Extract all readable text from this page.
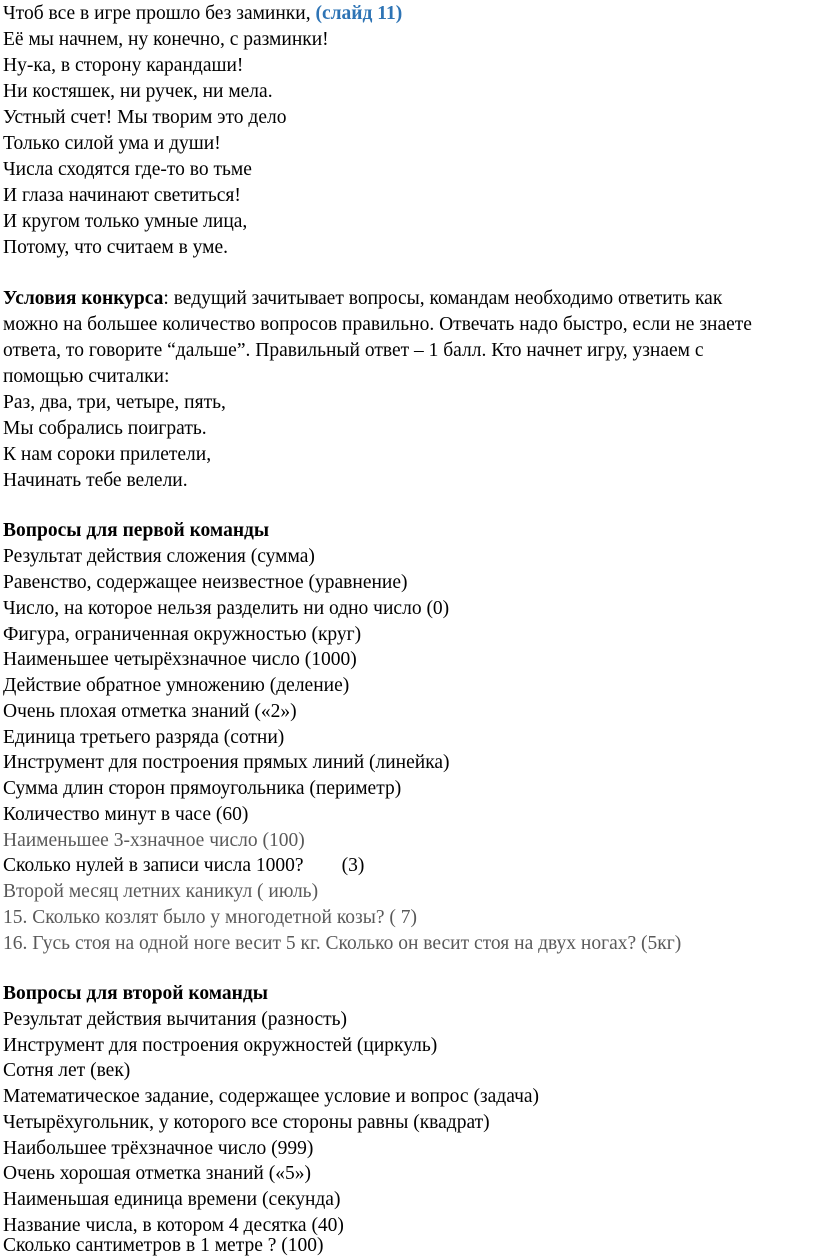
Чтоб все в игре прошло без заминки, (слайд 11)
Её мы начнем, ну конечно, с разминки!
Ну-ка, в сторону карандаши!
Ни костяшек, ни ручек, ни мела.
Устный счет! Мы творим это дело
Только силой ума и души!
Числа сходятся где-то во тьме
И глаза начинают светиться!
И кругом только умные лица,
Потому, что считаем в уме.
Условия конкурса: ведущий зачитывает вопросы, командам необходимо ответить как
можно на большее количество вопросов правильно. Отвечать надо быстро, если не знаете
ответа, то говорите “дальше”. Правильный ответ – 1 балл. Кто начнет игру, узнаем с
помощью считалки:
Раз, два, три, четыре, пять,
Мы собрались поиграть.
К нам сороки прилетели,
Начинать тебе велели.
Вопросы для первой команды
Результат действия сложения (сумма)
Равенство, содержащее неизвестное (уравнение)
Число, на которое нельзя разделить ни одно число (0)
Фигура, ограниченная окружностью (круг)
Наименьшее четырёхзначное число (1000)
Действие обратное умножению (деление)
Очень плохая отметка знаний («2»)
Единица третьего разряда (сотни)
Инструмент для построения прямых линий (линейка)
Сумма длин сторон прямоугольника (периметр)
Количество минут в часе (60)
Наименьшее 3-хзначное число (100)
Сколько нулей в записи числа 1000? (3)
Второй месяц летних каникул ( июль)
15. Сколько козлят было у многодетной козы? ( 7)
16. Гусь стоя на одной ноге весит 5 кг. Сколько он весит стоя на двух ногах? (5кг)
Вопросы для второй команды
Результат действия вычитания (разность)
Инструмент для построения окружностей (циркуль)
Сотня лет (век)
Математическое задание, содержащее условие и вопрос (задача)
Четырёхугольник, у которого все стороны равны (квадрат)
Наибольшее трёхзначное число (999)
Очень хорошая отметка знаний («5»)
Наименьшая единица времени (секунда)
Название числа, в котором 4 десятка (40)
Сколько сантиметров в 1 метре ? (100)
